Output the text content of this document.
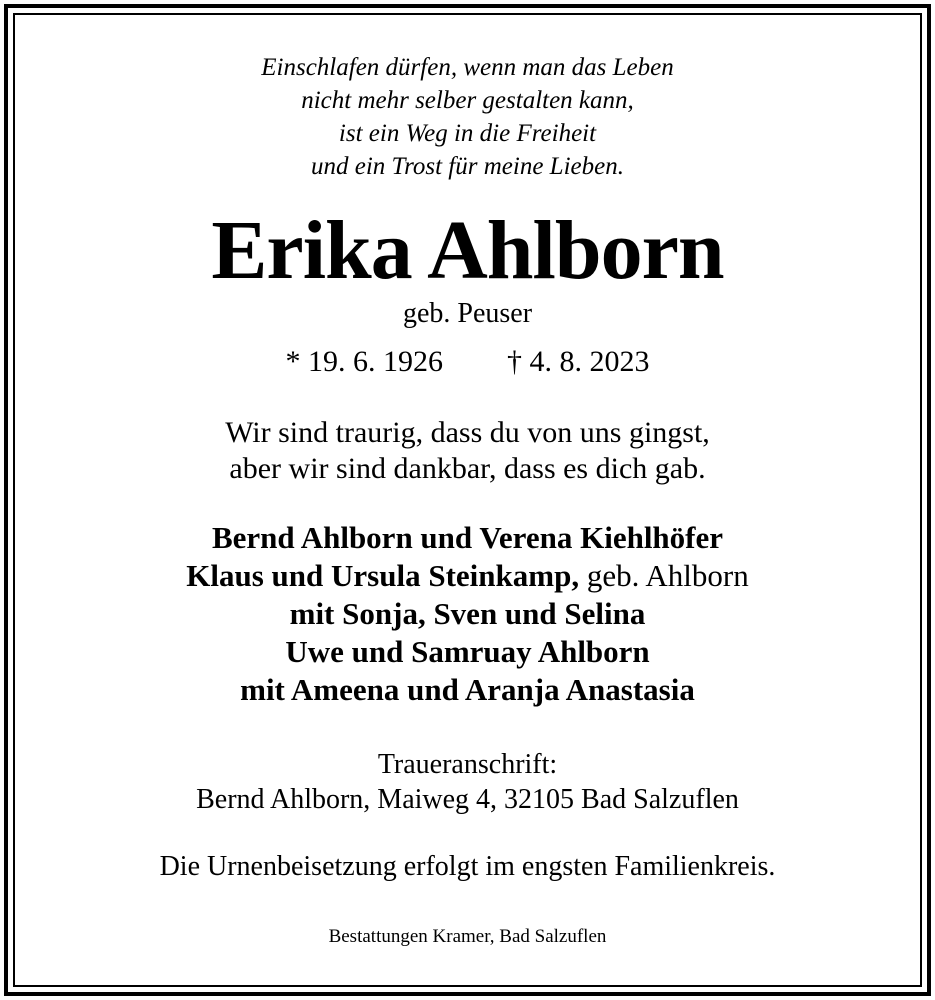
Einschlafen dürfen, wenn man das Leben
nicht mehr selber gestalten kann,
ist ein Weg in die Freiheit
und ein Trost für meine Lieben.
Erika Ahlborn
geb. Peuser
* 19. 6. 1926 † 4. 8. 2023
Wir sind traurig, dass du von uns gingst,
aber wir sind dankbar, dass es dich gab.
Bernd Ahlborn und Verena Kiehlhöfer
Klaus und Ursula Steinkamp, geb. Ahlborn
mit Sonja, Sven und Selina
Uwe und Samruay Ahlborn
mit Ameena und Aranja Anastasia
Traueranschrift:
Bernd Ahlborn, Maiweg 4, 32105 Bad Salzuflen
Die Urnenbeisetzung erfolgt im engsten Familienkreis.
Bestattungen Kramer, Bad Salzuflen
